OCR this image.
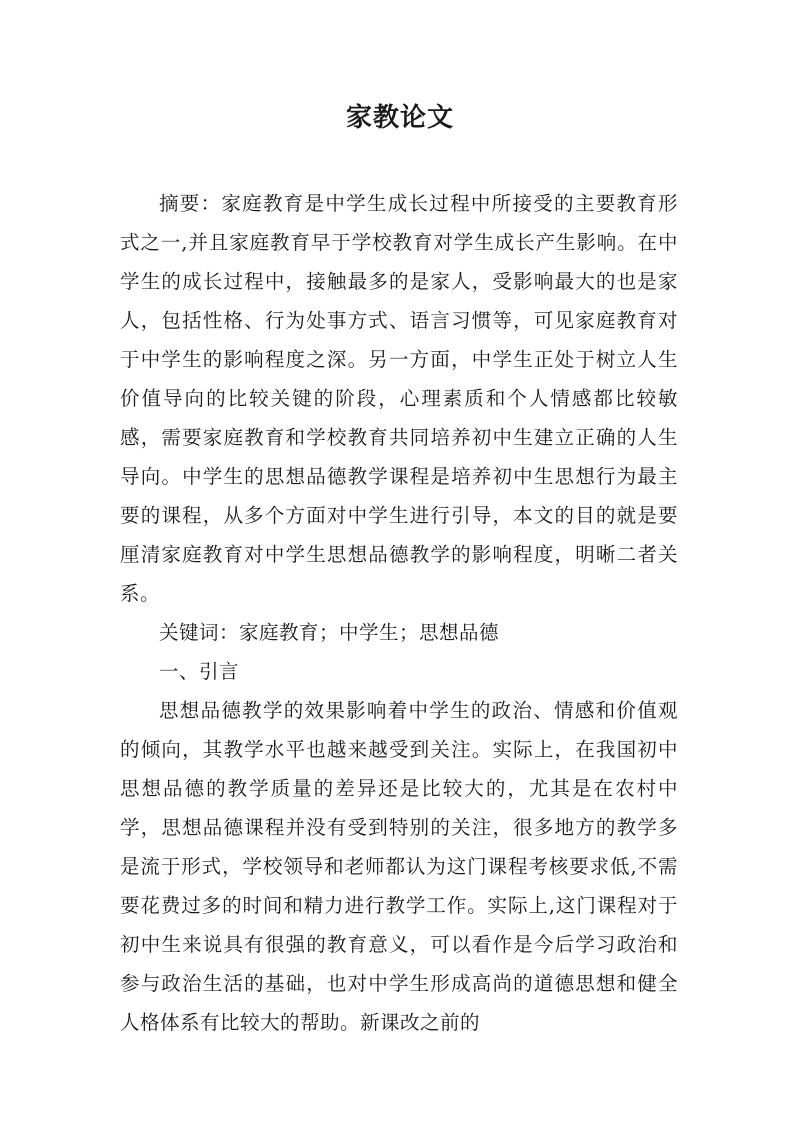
家教论文

摘要：家庭教育是中学生成长过程中所接受的主要教育形式之一,并且家庭教育早于学校教育对学生成长产生影响。在中学生的成长过程中，接触最多的是家人，受影响最大的也是家人，包括性格、行为处事方式、语言习惯等，可见家庭教育对于中学生的影响程度之深。另一方面，中学生正处于树立人生价值导向的比较关键的阶段，心理素质和个人情感都比较敏感，需要家庭教育和学校教育共同培养初中生建立正确的人生导向。中学生的思想品德教学课程是培养初中生思想行为最主要的课程，从多个方面对中学生进行引导，本文的目的就是要厘清家庭教育对中学生思想品德教学的影响程度，明晰二者关系。

关键词：家庭教育；中学生；思想品德

一、引言

思想品德教学的效果影响着中学生的政治、情感和价值观的倾向，其教学水平也越来越受到关注。实际上，在我国初中思想品德的教学质量的差异还是比较大的，尤其是在农村中学，思想品德课程并没有受到特别的关注，很多地方的教学多是流于形式，学校领导和老师都认为这门课程考核要求低,不需要花费过多的时间和精力进行教学工作。实际上,这门课程对于初中生来说具有很强的教育意义，可以看作是今后学习政治和参与政治生活的基础，也对中学生形成高尚的道德思想和健全人格体系有比较大的帮助。新课改之前的
